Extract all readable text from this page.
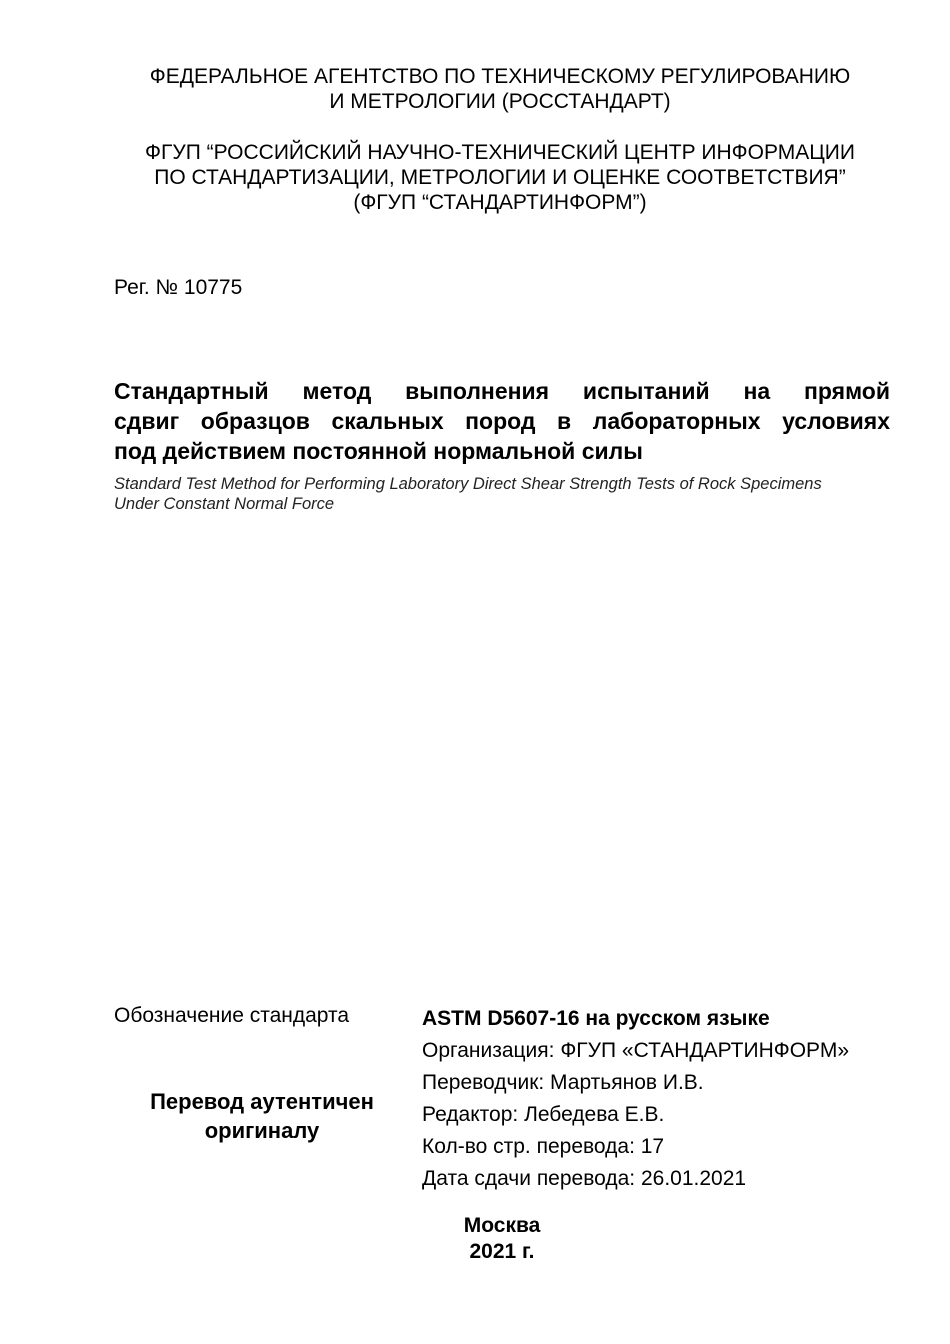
ФЕДЕРАЛЬНОЕ АГЕНТСТВО ПО ТЕХНИЧЕСКОМУ РЕГУЛИРОВАНИЮ
И МЕТРОЛОГИИ (РОССТАНДАРТ)
ФГУП “РОССИЙСКИЙ НАУЧНО-ТЕХНИЧЕСКИЙ ЦЕНТР ИНФОРМАЦИИ
ПО СТАНДАРТИЗАЦИИ, МЕТРОЛОГИИ И ОЦЕНКЕ СООТВЕТСТВИЯ”
(ФГУП “СТАНДАРТИНФОРМ”)
Рег. № 10775
Стандартный метод выполнения испытаний на прямой
сдвиг образцов скальных пород в лабораторных условиях
под действием постоянной нормальной силы
Standard Test Method for Performing Laboratory Direct Shear Strength Tests of Rock Specimens
Under Constant Normal Force
Обозначение стандарта
Перевод аутентичен
оригиналу
ASTM D5607-16 на русском языке
Организация: ФГУП «СТАНДАРТИНФОРМ»
Переводчик: Мартьянов И.В.
Редактор: Лебедева Е.В.
Кол-во стр. перевода: 17
Дата сдачи перевода: 26.01.2021
Москва
2021 г.
